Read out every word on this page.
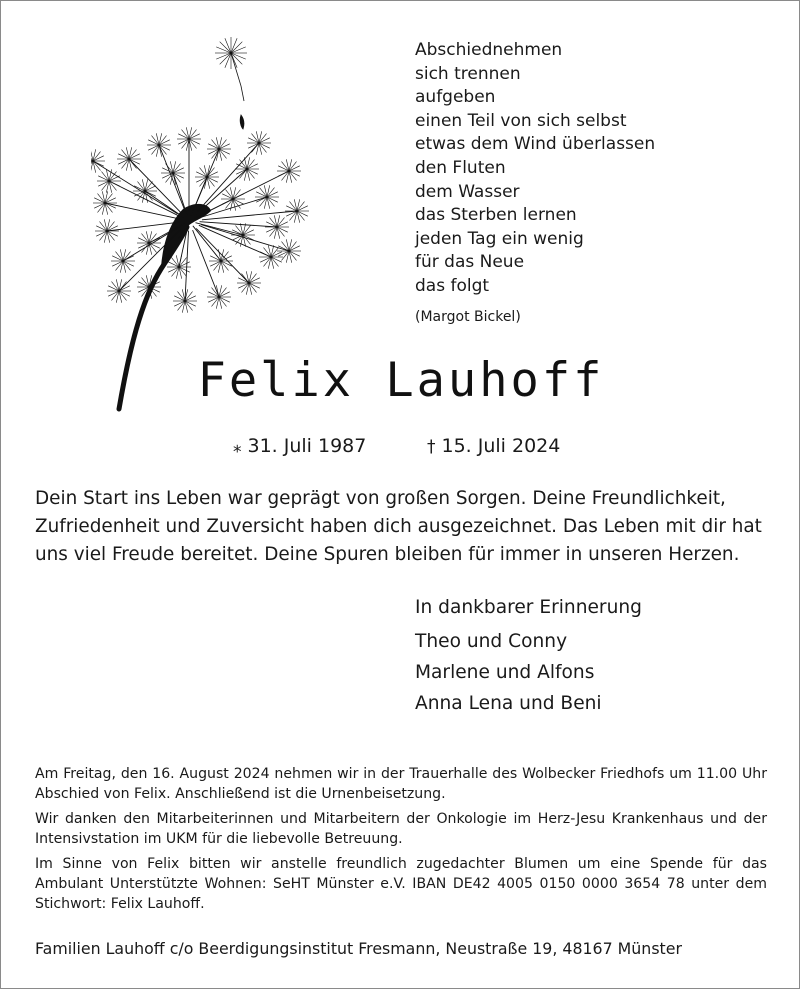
Abschiednehmen
sich trennen
aufgeben
einen Teil von sich selbst
etwas dem Wind überlassen
den Fluten
dem Wasser
das Sterben lernen
jeden Tag ein wenig
für das Neue
das folgt
(Margot Bickel)
Felix Lauhoff
⁎ 31. Juli 1987	† 15. Juli 2024
Dein Start ins Leben war geprägt von großen Sorgen. Deine Freundlichkeit, Zufriedenheit und Zuversicht haben dich ausgezeichnet. Das Leben mit dir hat uns viel Freude bereitet. Deine Spuren bleiben für immer in unseren Herzen.
In dankbarer Erinnerung
Theo und Conny
Marlene und Alfons
Anna Lena und Beni

Am Freitag, den 16. August 2024 nehmen wir in der Trauerhalle des Wolbecker Friedhofs um 11.00 Uhr Abschied von Felix. Anschließend ist die Urnenbeisetzung.

Wir danken den Mitarbeiterinnen und Mitarbeitern der Onkologie im Herz-Jesu Krankenhaus und der Intensivstation im UKM für die liebevolle Betreuung.

Im Sinne von Felix bitten wir anstelle freundlich zugedachter Blumen um eine Spende für das Ambulant Unterstützte Wohnen: SeHT Münster e.V. IBAN DE42 4005 0150 0000 3654 78 unter dem Stichwort: Felix Lauhoff.

Familien Lauhoff c/o Beerdigungsinstitut Fresmann, Neustraße 19, 48167 Münster
